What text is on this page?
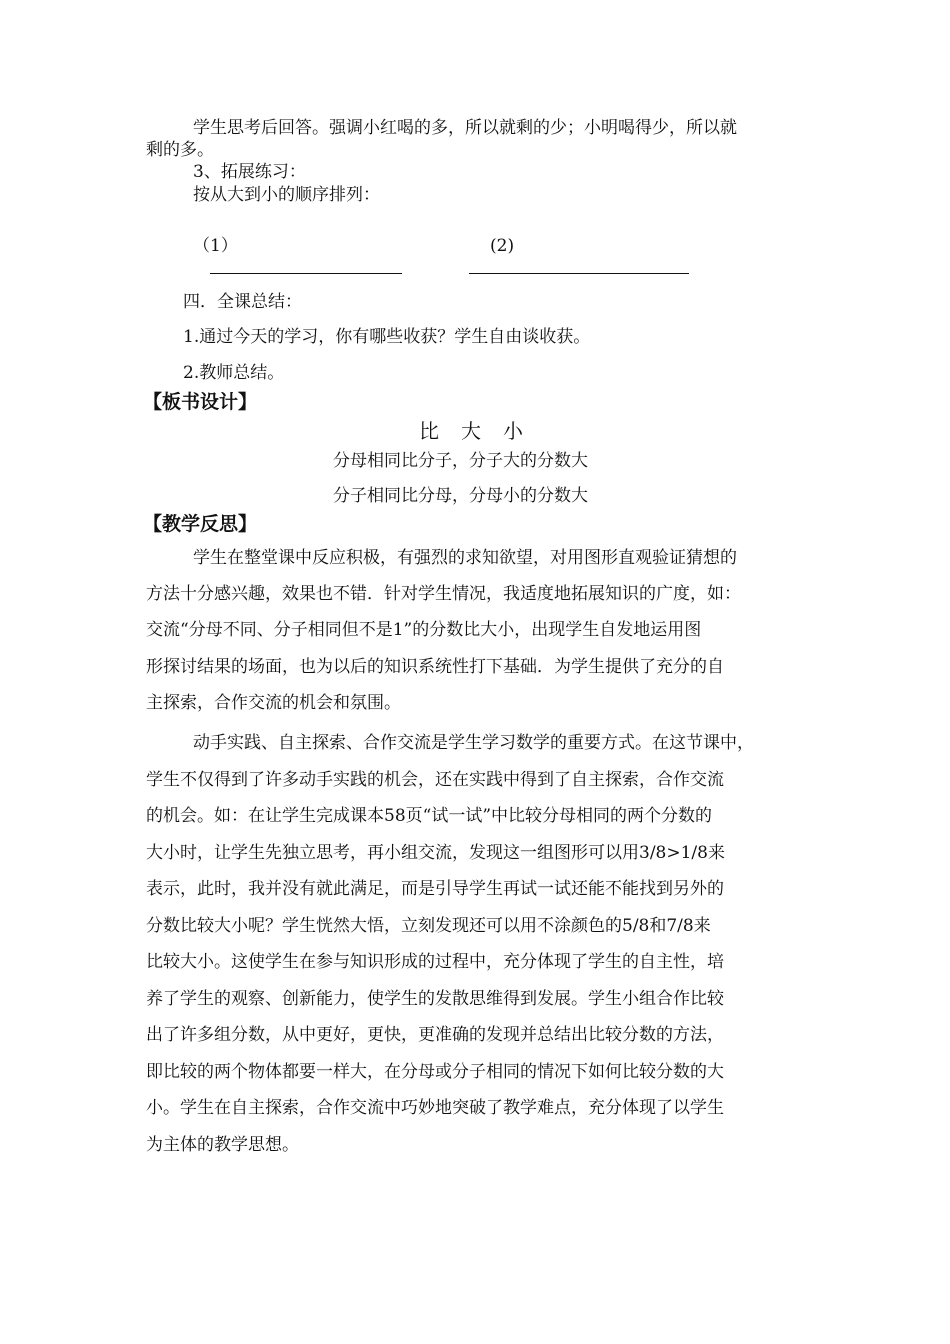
学生思考后回答。强调小红喝的多，所以就剩的少；小明喝得少，所以就
剩的多。
3、拓展练习：
按从大到小的顺序排列：
（1）	(2)
四．全课总结：
1.通过今天的学习，你有哪些收获？学生自由谈收获。
2.教师总结。
【板书设计】
比大小
分母相同比分子，分子大的分数大
分子相同比分母，分母小的分数大
【教学反思】
学生在整堂课中反应积极，有强烈的求知欲望，对用图形直观验证猜想的
方法十分感兴趣，效果也不错．针对学生情况，我适度地拓展知识的广度，如：
交流“分母不同、分子相同但不是1”的分数比大小，出现学生自发地运用图
形探讨结果的场面，也为以后的知识系统性打下基础．为学生提供了充分的自
主探索，合作交流的机会和氛围。
动手实践、自主探索、合作交流是学生学习数学的重要方式。在这节课中，
学生不仅得到了许多动手实践的机会，还在实践中得到了自主探索，合作交流
的机会。如：在让学生完成课本58页“试一试”中比较分母相同的两个分数的
大小时，让学生先独立思考，再小组交流，发现这一组图形可以用3/8>1/8来
表示，此时，我并没有就此满足，而是引导学生再试一试还能不能找到另外的
分数比较大小呢？学生恍然大悟，立刻发现还可以用不涂颜色的5/8和7/8来
比较大小。这使学生在参与知识形成的过程中，充分体现了学生的自主性，培
养了学生的观察、创新能力，使学生的发散思维得到发展。学生小组合作比较
出了许多组分数，从中更好，更快，更准确的发现并总结出比较分数的方法，
即比较的两个物体都要一样大，在分母或分子相同的情况下如何比较分数的大
小。学生在自主探索，合作交流中巧妙地突破了教学难点，充分体现了以学生
为主体的教学思想。
